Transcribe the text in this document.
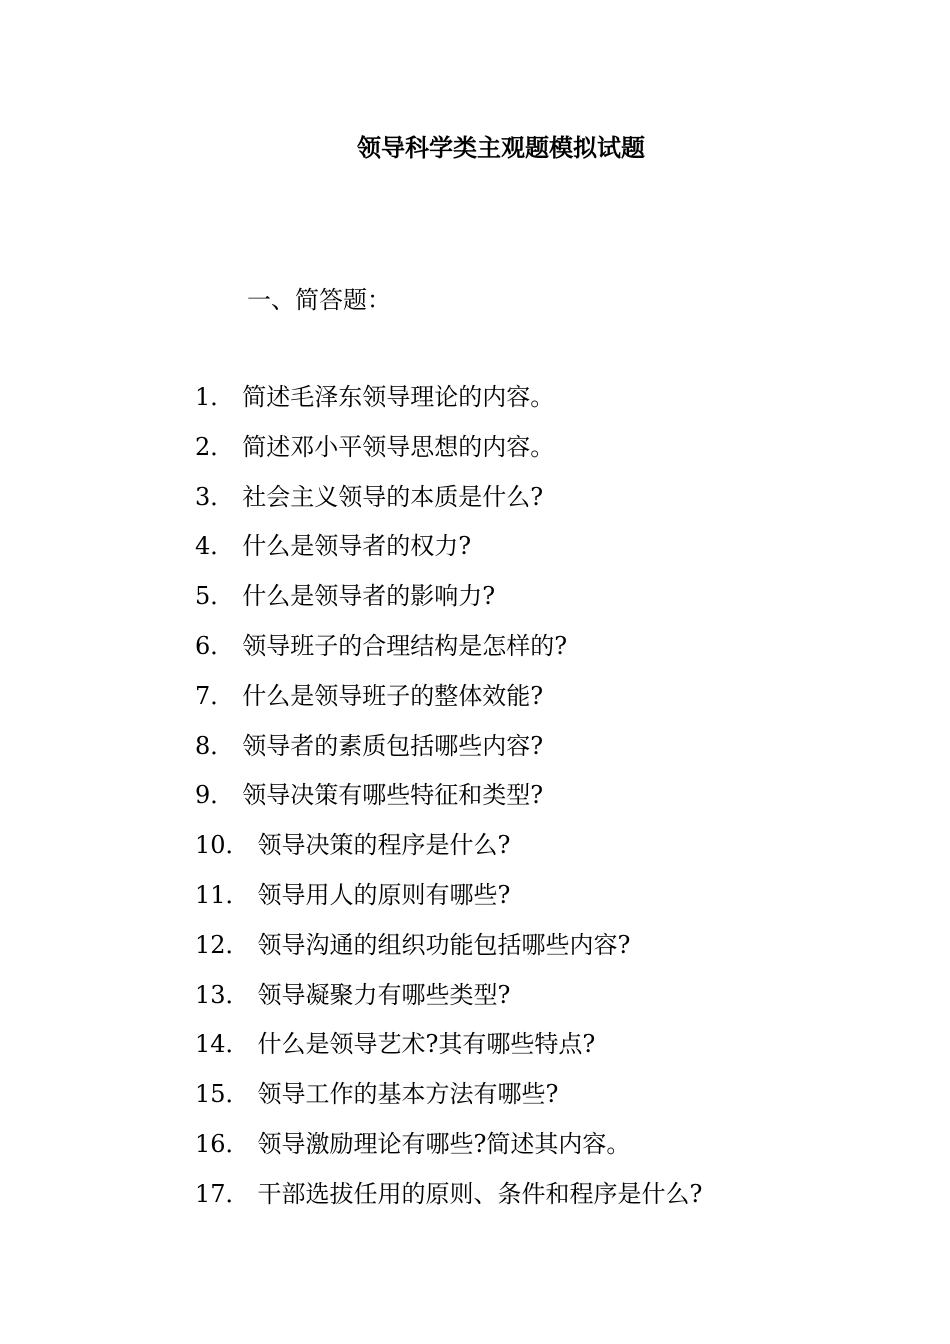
领导科学类主观题模拟试题
一、简答题：
1． 简述毛泽东领导理论的内容。
2． 简述邓小平领导思想的内容。
3． 社会主义领导的本质是什么?
4． 什么是领导者的权力?
5． 什么是领导者的影响力?
6． 领导班子的合理结构是怎样的?
7． 什么是领导班子的整体效能?
8． 领导者的素质包括哪些内容?
9． 领导决策有哪些特征和类型?
10． 领导决策的程序是什么?
11． 领导用人的原则有哪些?
12． 领导沟通的组织功能包括哪些内容?
13． 领导凝聚力有哪些类型?
14． 什么是领导艺术?其有哪些特点?
15． 领导工作的基本方法有哪些?
16． 领导激励理论有哪些?简述其内容。
17． 干部选拔任用的原则、条件和程序是什么?
